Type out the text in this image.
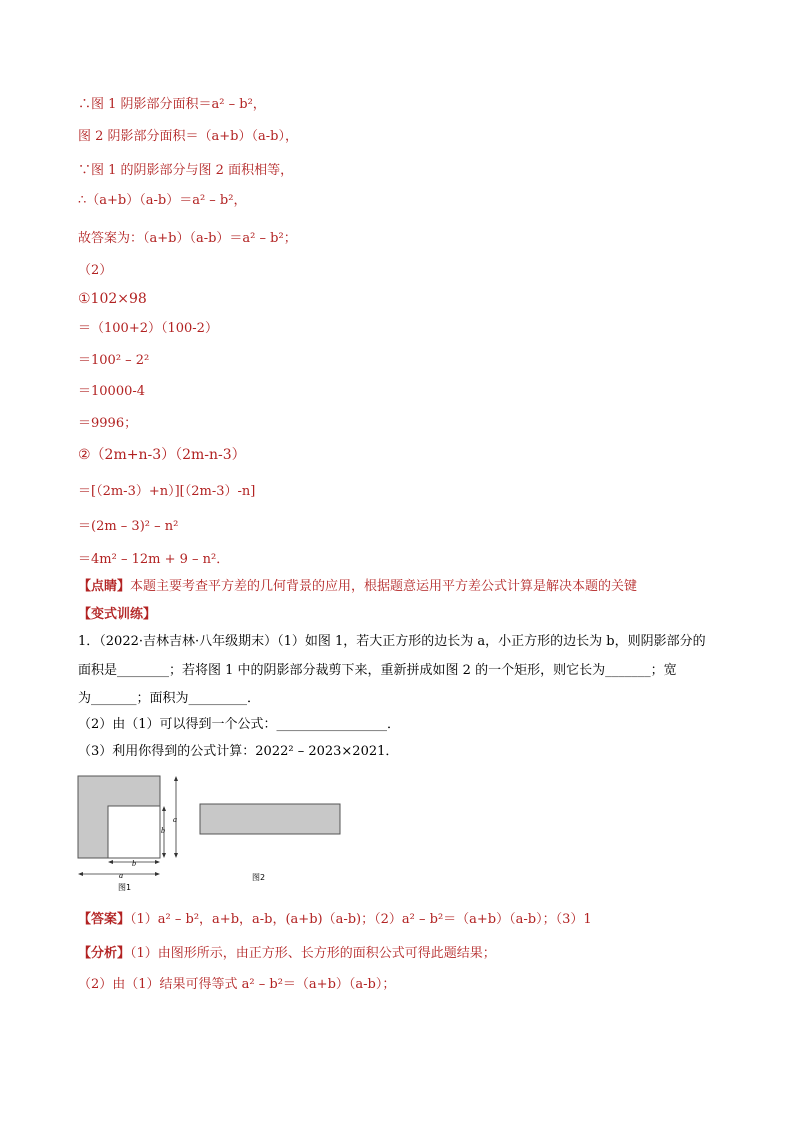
∴图 1 阴影部分面积＝a² – b²，
图 2 阴影部分面积＝（a+b）（a-b），
∵图 1 的阴影部分与图 2 面积相等，
∴（a+b）（a-b）＝a² – b²，
故答案为：（a+b）（a-b）＝a² – b²；
（2）
①102×98
＝（100+2）（100-2）
＝100² – 2²
＝10000-4
＝9996；
②（2m+n-3）（2m-n-3）
＝[（2m-3）+n）][（2m-3）-n]
＝(2m – 3)² – n²
＝4m² – 12m + 9 – n²．
【点睛】本题主要考查平方差的几何背景的应用，根据题意运用平方差公式计算是解决本题的关键
【变式训练】
1．（2022·吉林吉林·八年级期末）（1）如图 1，若大正方形的边长为 a，小正方形的边长为 b，则阴影部分的
面积是________；若将图 1 中的阴影部分裁剪下来，重新拼成如图 2 的一个矩形，则它长为_______；宽
为_______；面积为_________．
（2）由（1）可以得到一个公式：_________________．
（3）利用你得到的公式计算：2022² – 2023×2021．
a
b
b
a
图1
图2
【答案】（1）a² – b²，a+b，a-b，(a+b)（a-b)；（2）a² – b²＝（a+b）（a-b）；（3）1
【分析】（1）由图形所示，由正方形、长方形的面积公式可得此题结果；
（2）由（1）结果可得等式 a² – b²＝（a+b）（a-b）；
